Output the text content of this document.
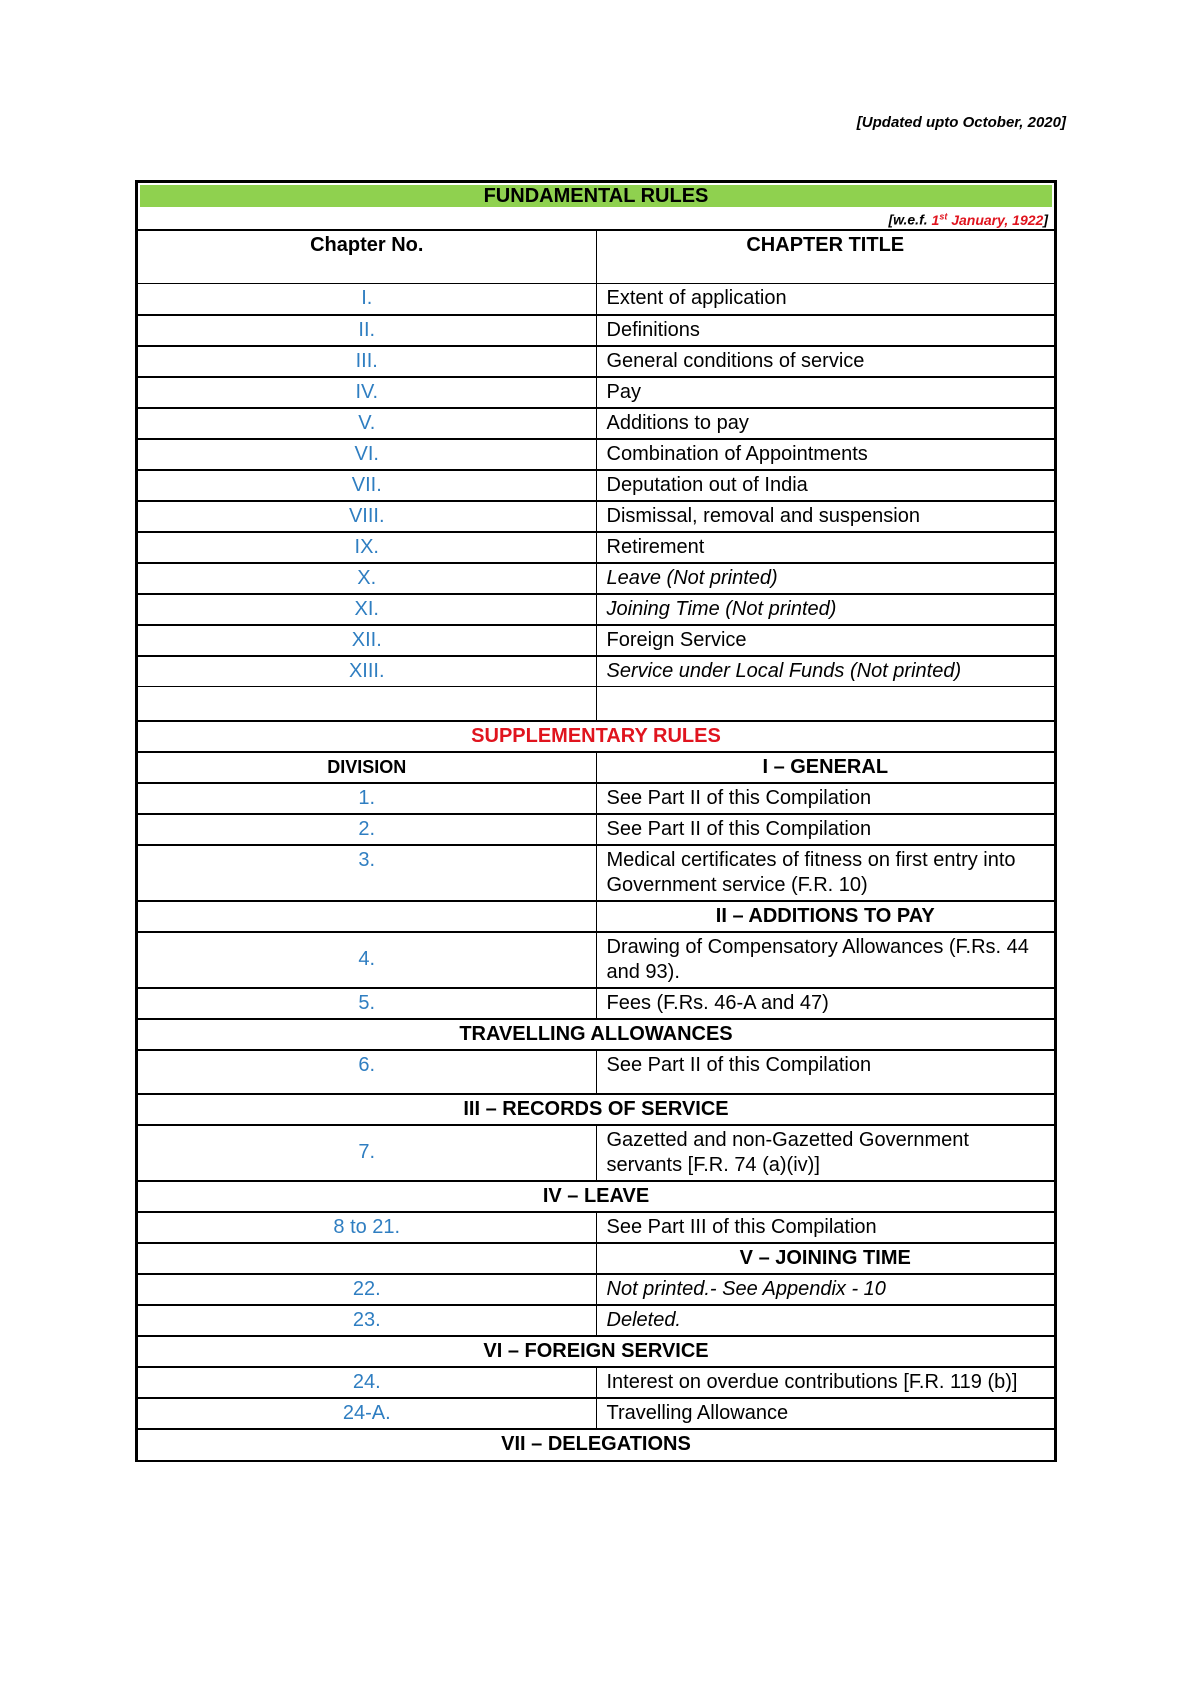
[Updated upto October, 2020]
FUNDAMENTAL RULES
[w.e.f. 1st January, 1922]	

Chapter No.	CHAPTER TITLE
I.	Extent of application
II.	Definitions
III.	General conditions of service
IV.	Pay
V.	Additions to pay
VI.	Combination of Appointments
VII.	Deputation out of India
VIII.	Dismissal, removal and suspension
IX.	Retirement
X.	Leave (Not printed)
XI.	Joining Time (Not printed)
XII.	Foreign Service
XIII.	Service under Local Funds (Not printed)

SUPPLEMENTARY RULES	
DIVISION	I – GENERAL
1.	See Part II of this Compilation
2.	See Part II of this Compilation
3.	Medical certificates of fitness on first entry into Government service (F.R. 10)
	II – ADDITIONS TO PAY
4.	Drawing of Compensatory Allowances (F.Rs. 44 and 93).
5.	Fees (F.Rs. 46-A and 47)
TRAVELLING ALLOWANCES	
6.	See Part II of this Compilation
III – RECORDS OF SERVICE	
7.	Gazetted and non-Gazetted Government servants [F.R. 74 (a)(iv)]
IV – LEAVE	
8 to 21.	See Part III of this Compilation
	V – JOINING TIME
22.	Not printed.- See Appendix - 10
23.	Deleted.
VI – FOREIGN SERVICE	
24.	Interest on overdue contributions [F.R. 119 (b)]
24-A.	Travelling Allowance
VII – DELEGATIONS	
